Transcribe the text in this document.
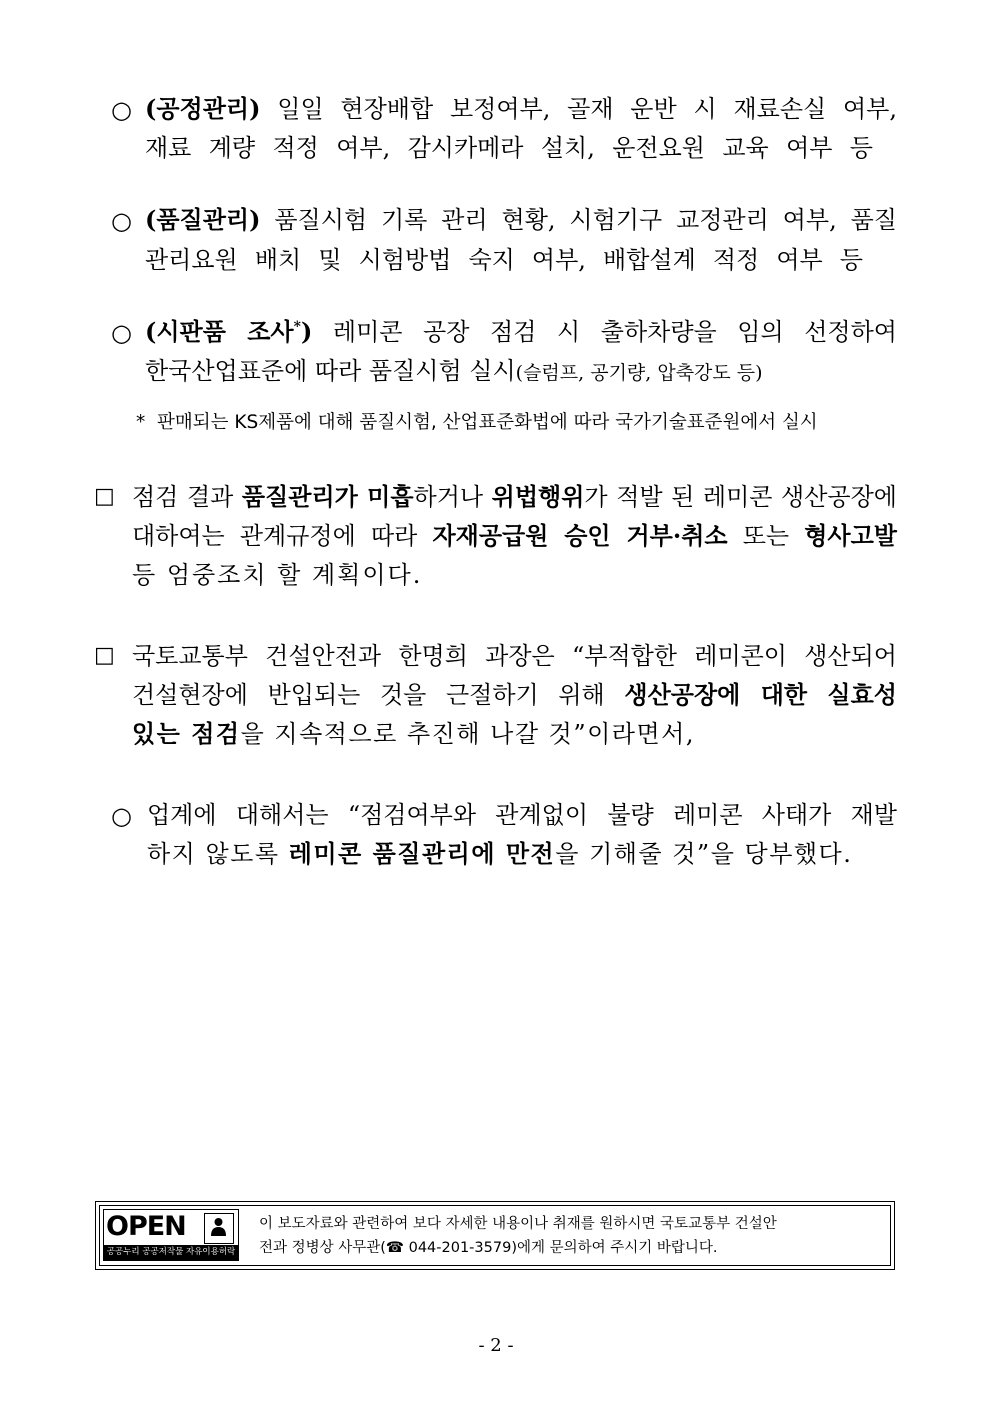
○ (공정관리) 일일 현장배합 보정여부, 골재 운반 시 재료손실 여부,
재료 계량 적정 여부, 감시카메라 설치, 운전요원 교육 여부 등
○ (품질관리) 품질시험 기록 관리 현황, 시험기구 교정관리 여부, 품질
관리요원 배치 및 시험방법 숙지 여부, 배합설계 적정 여부 등
○ (시판품 조사*) 레미콘 공장 점검 시 출하차량을 임의 선정하여
한국산업표준에 따라 품질시험 실시(슬럼프, 공기량, 압축강도 등)
* 판매되는 KS제품에 대해 품질시험, 산업표준화법에 따라 국가기술표준원에서 실시
□ 점검 결과 품질관리가 미흡하거나 위법행위가 적발 된 레미콘 생산공장에
대하여는 관계규정에 따라 자재공급원 승인 거부·취소 또는 형사고발
등 엄중조치 할 계획이다.
□ 국토교통부 건설안전과 한명희 과장은 “부적합한 레미콘이 생산되어
건설현장에 반입되는 것을 근절하기 위해 생산공장에 대한 실효성
있는 점검을 지속적으로 추진해 나갈 것”이라면서,
○ 업계에 대해서는 “점검여부와 관계없이 불량 레미콘 사태가 재발
하지 않도록 레미콘 품질관리에 만전을 기해줄 것”을 당부했다.
OPEN
공공누리 공공저작물 자유이용허락
이 보도자료와 관련하여 보다 자세한 내용이나 취재를 원하시면 국토교통부 건설안
전과 정병상 사무관(☎ 044-201-3579)에게 문의하여 주시기 바랍니다.
- 2 -
